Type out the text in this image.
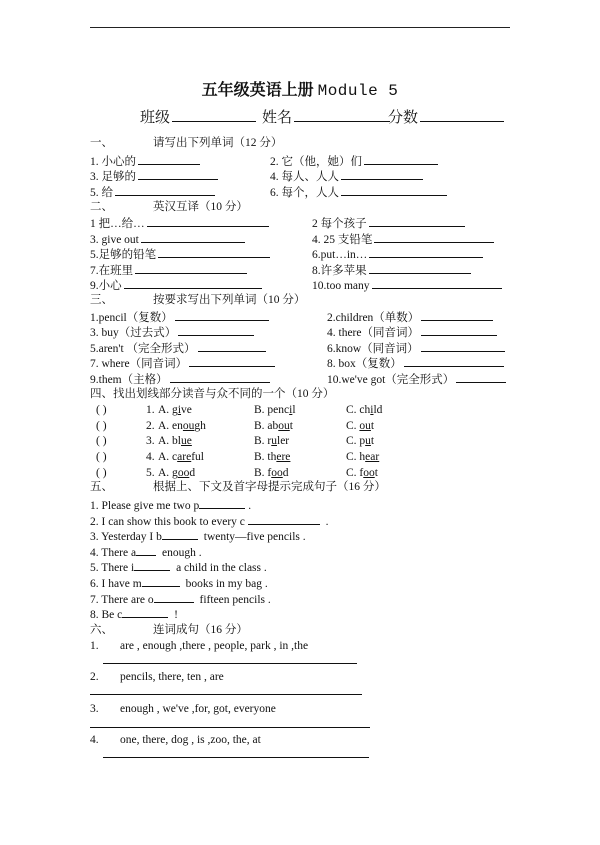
五年级英语上册 Module 5
班级	姓名	分数
一、	请写出下列单词（12 分）
1. 小心的	2. 它（他，她）们
3. 足够的	4. 每人、人人
5. 给	6. 每个，人人
二、	英汉互译（10 分）
1 把…给…	2 每个孩子
3. give out	4. 25 支铅笔
5.足够的铅笔	6.put…in…
7.在班里	8.许多苹果
9.小心	10.too many
三、	按要求写出下列单词（10 分）
1.pencil（复数）	2.children（单数）
3. buy（过去式）	4. there（同音词）
5.aren't （完全形式）	6.know（同音词）
7. where（同音词）	8. box（复数）
9.them（主格）	10.we've got（完全形式）
四、找出划线部分读音与众不同的一个（10 分）
( )	1. A. give	B. pencil	C. child
( )	2. A. enough	B. about	C. out
( )	3. A. blue	B. ruler	C. put
( )	4. A. careful	B. there	C. hear
( )	5. A. good	B. food	C. foot
五、	根据上、下文及首字母提示完成句子（16 分）
1. Please give me two p	.
2. I can show this book to every c	.
3. Yesterday I b	twenty—five pencils .
4. There a enough .
5. There i	a child in the class .
6. I have m	books in my bag .
7. There are o	fifteen pencils .
8. Be c	!
六、	连词成句（16 分）
1. are , enough ,there , people, park , in ,the
2. pencils, there, ten , are
3. enough , we've ,for, got, everyone
4. one, there, dog , is ,zoo, the, at
